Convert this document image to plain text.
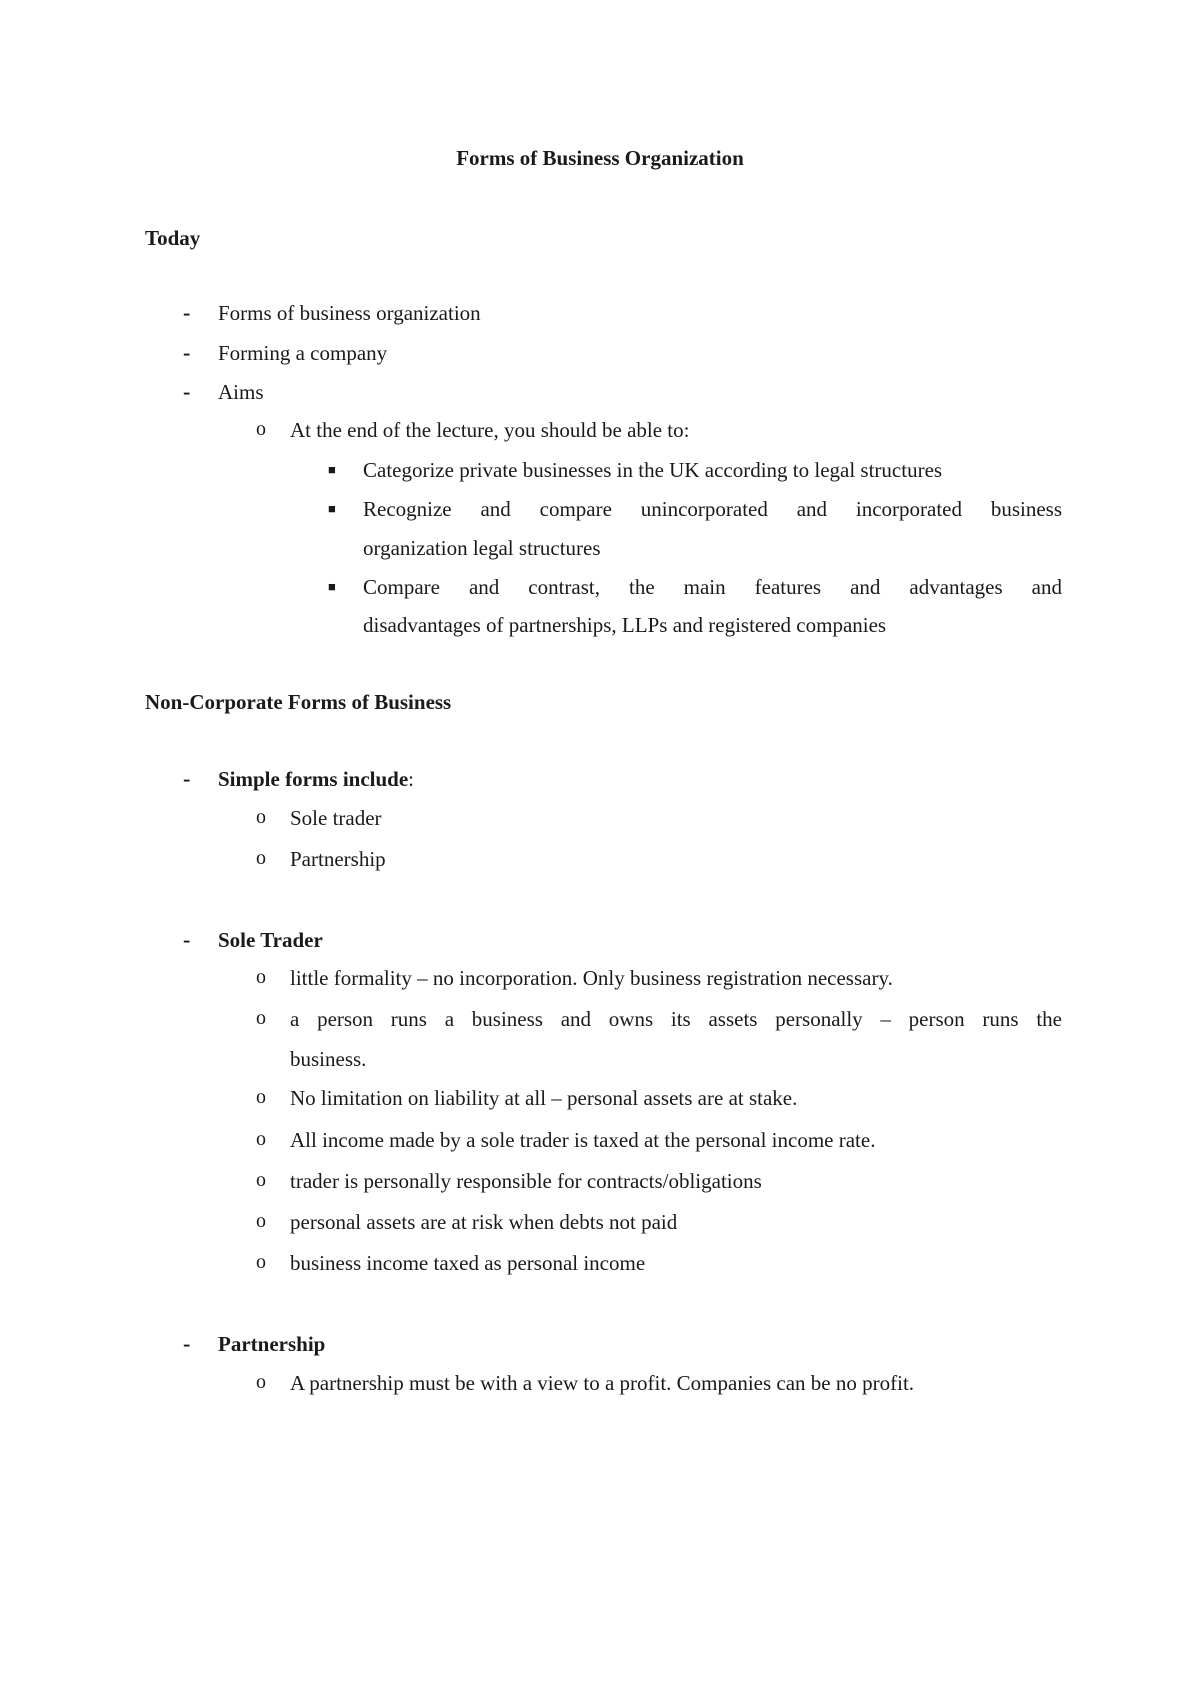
Forms of Business Organization
Today
- Forms of business organization
- Forming a company
- Aims
o At the end of the lecture, you should be able to:
■ Categorize private businesses in the UK according to legal structures
■ Recognize and compare unincorporated and incorporated business
organization legal structures
■ Compare and contrast, the main features and advantages and
disadvantages of partnerships, LLPs and registered companies
Non-Corporate Forms of Business
- Simple forms include:
o Sole trader
o Partnership
- Sole Trader
o little formality – no incorporation. Only business registration necessary.
o a person runs a business and owns its assets personally – person runs the
business.
o No limitation on liability at all – personal assets are at stake.
o All income made by a sole trader is taxed at the personal income rate.
o trader is personally responsible for contracts/obligations
o personal assets are at risk when debts not paid
o business income taxed as personal income
- Partnership
o A partnership must be with a view to a profit. Companies can be no profit.
